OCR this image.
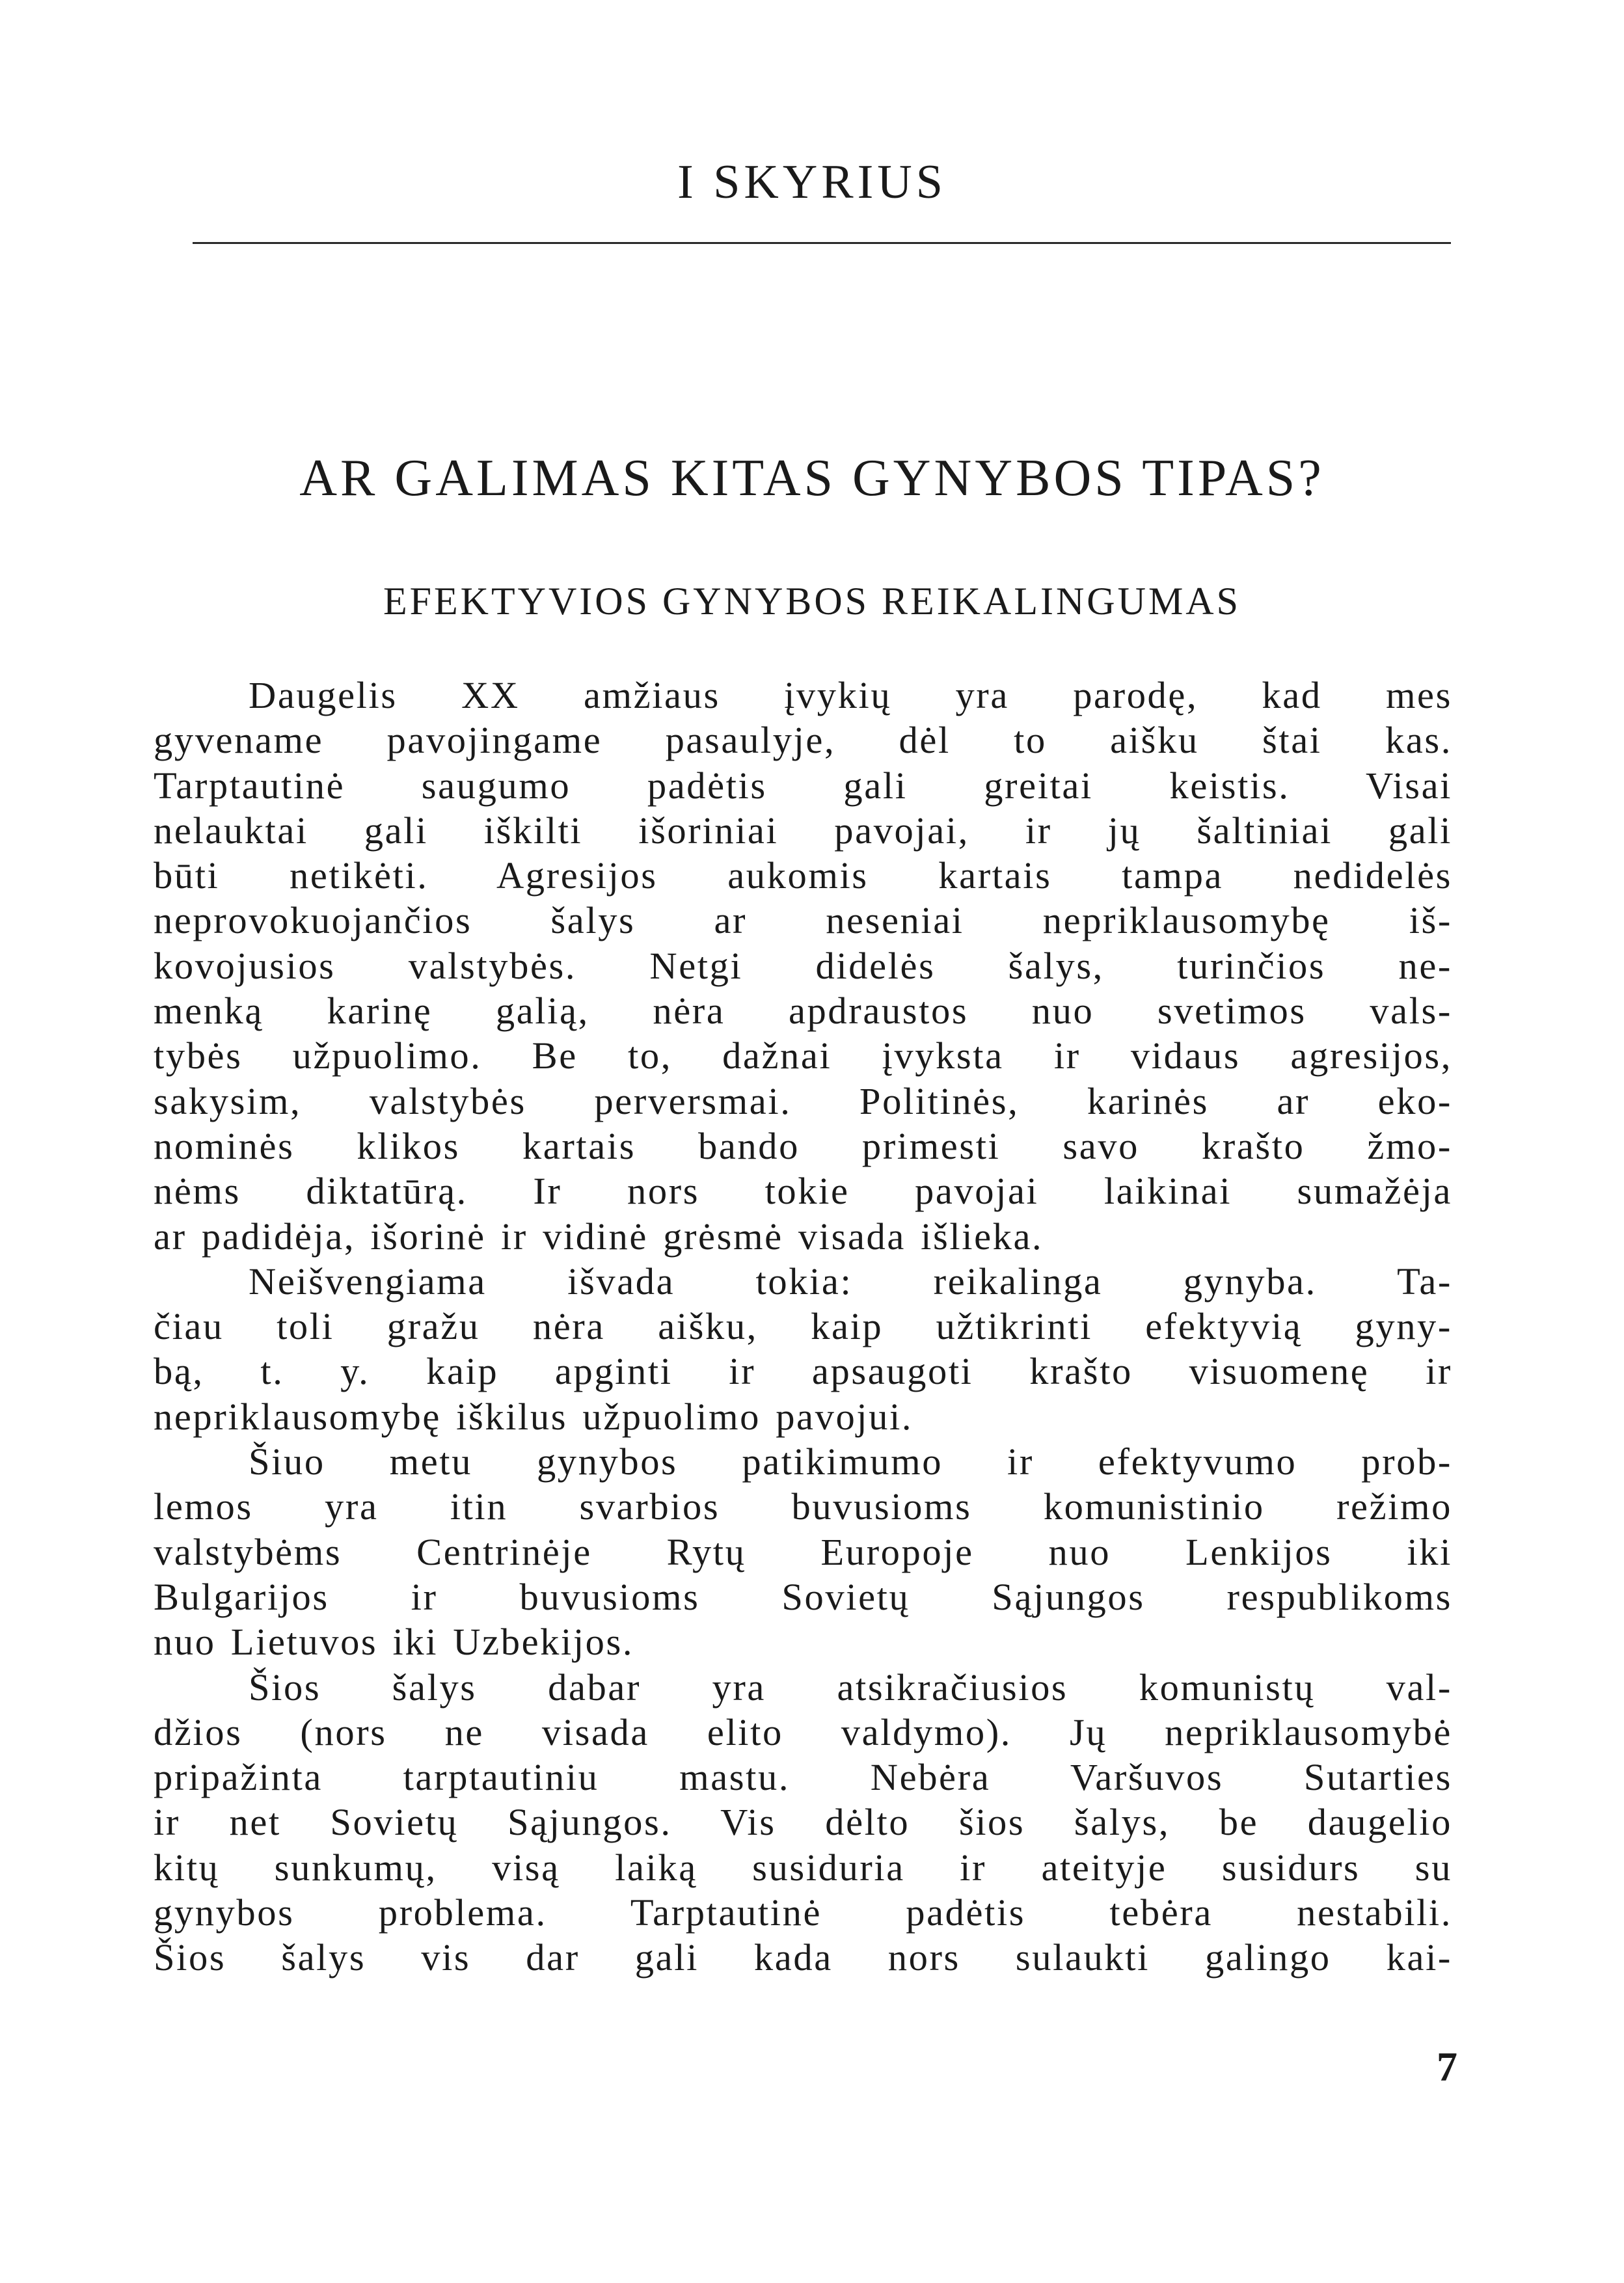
I SKYRIUS
AR GALIMAS KITAS GYNYBOS TIPAS?
EFEKTYVIOS GYNYBOS REIKALINGUMAS
Daugelis XX amžiaus įvykių yra parodę, kad mes
gyvename pavojingame pasaulyje, dėl to aišku štai kas.
Tarptautinė saugumo padėtis gali greitai keistis. Visai
nelauktai gali iškilti išoriniai pavojai, ir jų šaltiniai gali
būti netikėti. Agresijos aukomis kartais tampa nedidelės
neprovokuojančios šalys ar neseniai nepriklausomybę iš-
kovojusios valstybės. Netgi didelės šalys, turinčios ne-
menką karinę galią, nėra apdraustos nuo svetimos vals-
tybės užpuolimo. Be to, dažnai įvyksta ir vidaus agresijos,
sakysim, valstybės perversmai. Politinės, karinės ar eko-
nominės klikos kartais bando primesti savo krašto žmo-
nėms diktatūrą. Ir nors tokie pavojai laikinai sumažėja
ar padidėja, išorinė ir vidinė grėsmė visada išlieka.
Neišvengiama išvada tokia: reikalinga gynyba. Ta-
čiau toli gražu nėra aišku, kaip užtikrinti efektyvią gyny-
bą, t. y. kaip apginti ir apsaugoti krašto visuomenę ir
nepriklausomybę iškilus užpuolimo pavojui.
Šiuo metu gynybos patikimumo ir efektyvumo prob-
lemos yra itin svarbios buvusioms komunistinio režimo
valstybėms Centrinėje Rytų Europoje nuo Lenkijos iki
Bulgarijos ir buvusioms Sovietų Sąjungos respublikoms
nuo Lietuvos iki Uzbekijos.
Šios šalys dabar yra atsikračiusios komunistų val-
džios (nors ne visada elito valdymo). Jų nepriklausomybė
pripažinta tarptautiniu mastu. Nebėra Varšuvos Sutarties
ir net Sovietų Sąjungos. Vis dėlto šios šalys, be daugelio
kitų sunkumų, visą laiką susiduria ir ateityje susidurs su
gynybos problema. Tarptautinė padėtis tebėra nestabili.
Šios šalys vis dar gali kada nors sulaukti galingo kai-
7
